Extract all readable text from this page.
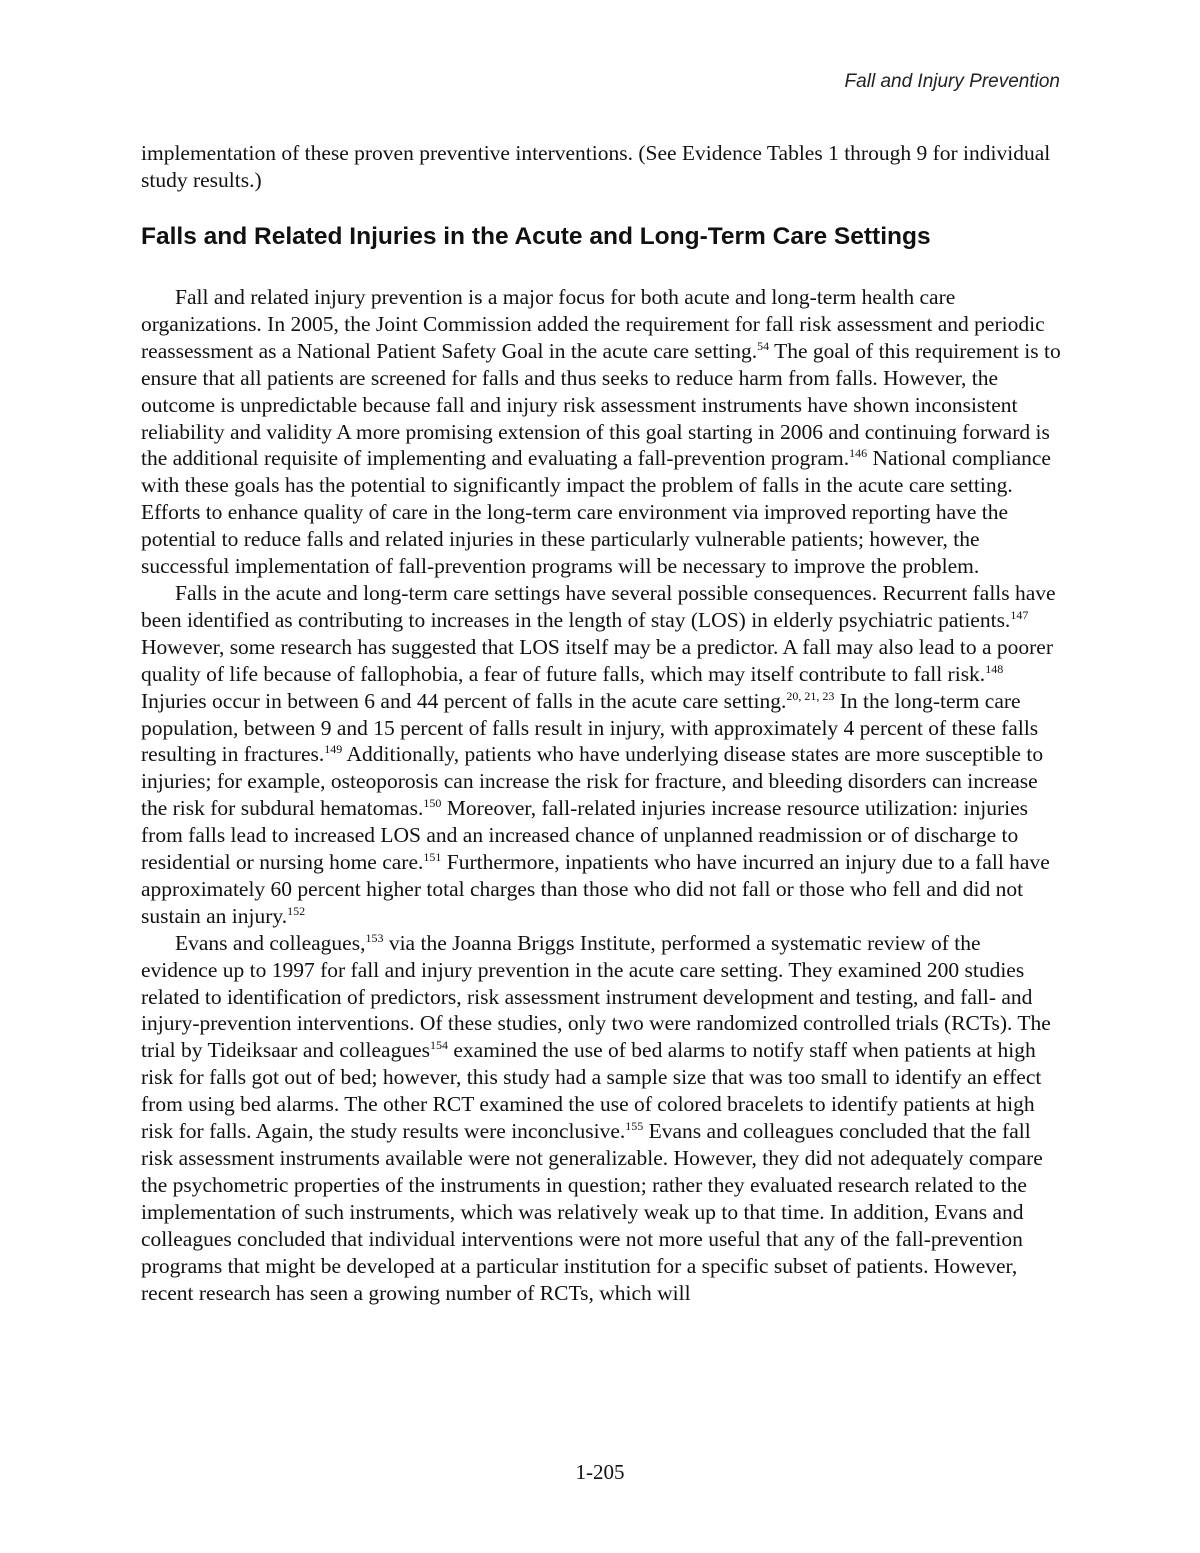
Fall and Injury Prevention

implementation of these proven preventive interventions. (See Evidence Tables 1 through 9 for individual study results.)

Falls and Related Injuries in the Acute and Long-Term Care Settings

Fall and related injury prevention is a major focus for both acute and long-term health care organizations. In 2005, the Joint Commission added the requirement for fall risk assessment and periodic reassessment as a National Patient Safety Goal in the acute care setting.$^{54}$ The goal of this requirement is to ensure that all patients are screened for falls and thus seeks to reduce harm from falls. However, the outcome is unpredictable because fall and injury risk assessment instruments have shown inconsistent reliability and validity A more promising extension of this goal starting in 2006 and continuing forward is the additional requisite of implementing and evaluating a fall-prevention program.$^{146}$ National compliance with these goals has the potential to significantly impact the problem of falls in the acute care setting. Efforts to enhance quality of care in the long-term care environment via improved reporting have the potential to reduce falls and related injuries in these particularly vulnerable patients; however, the successful implementation of fall-prevention programs will be necessary to improve the problem.

Falls in the acute and long-term care settings have several possible consequences. Recurrent falls have been identified as contributing to increases in the length of stay (LOS) in elderly psychiatric patients.$^{147}$ However, some research has suggested that LOS itself may be a predictor. A fall may also lead to a poorer quality of life because of fallophobia, a fear of future falls, which may itself contribute to fall risk.$^{148}$ Injuries occur in between 6 and 44 percent of falls in the acute care setting.$^{20, 21, 23}$ In the long-term care population, between 9 and 15 percent of falls result in injury, with approximately 4 percent of these falls resulting in fractures.$^{149}$ Additionally, patients who have underlying disease states are more susceptible to injuries; for example, osteoporosis can increase the risk for fracture, and bleeding disorders can increase the risk for subdural hematomas.$^{150}$ Moreover, fall-related injuries increase resource utilization: injuries from falls lead to increased LOS and an increased chance of unplanned readmission or of discharge to residential or nursing home care.$^{151}$ Furthermore, inpatients who have incurred an injury due to a fall have approximately 60 percent higher total charges than those who did not fall or those who fell and did not sustain an injury.$^{152}$

Evans and colleagues,$^{153}$ via the Joanna Briggs Institute, performed a systematic review of the evidence up to 1997 for fall and injury prevention in the acute care setting. They examined 200 studies related to identification of predictors, risk assessment instrument development and testing, and fall- and injury-prevention interventions. Of these studies, only two were randomized controlled trials (RCTs). The trial by Tideiksaar and colleagues$^{154}$ examined the use of bed alarms to notify staff when patients at high risk for falls got out of bed; however, this study had a sample size that was too small to identify an effect from using bed alarms. The other RCT examined the use of colored bracelets to identify patients at high risk for falls. Again, the study results were inconclusive.$^{155}$ Evans and colleagues concluded that the fall risk assessment instruments available were not generalizable. However, they did not adequately compare the psychometric properties of the instruments in question; rather they evaluated research related to the implementation of such instruments, which was relatively weak up to that time. In addition, Evans and colleagues concluded that individual interventions were not more useful that any of the fall-prevention programs that might be developed at a particular institution for a specific subset of patients. However, recent research has seen a growing number of RCTs, which will

1-205
